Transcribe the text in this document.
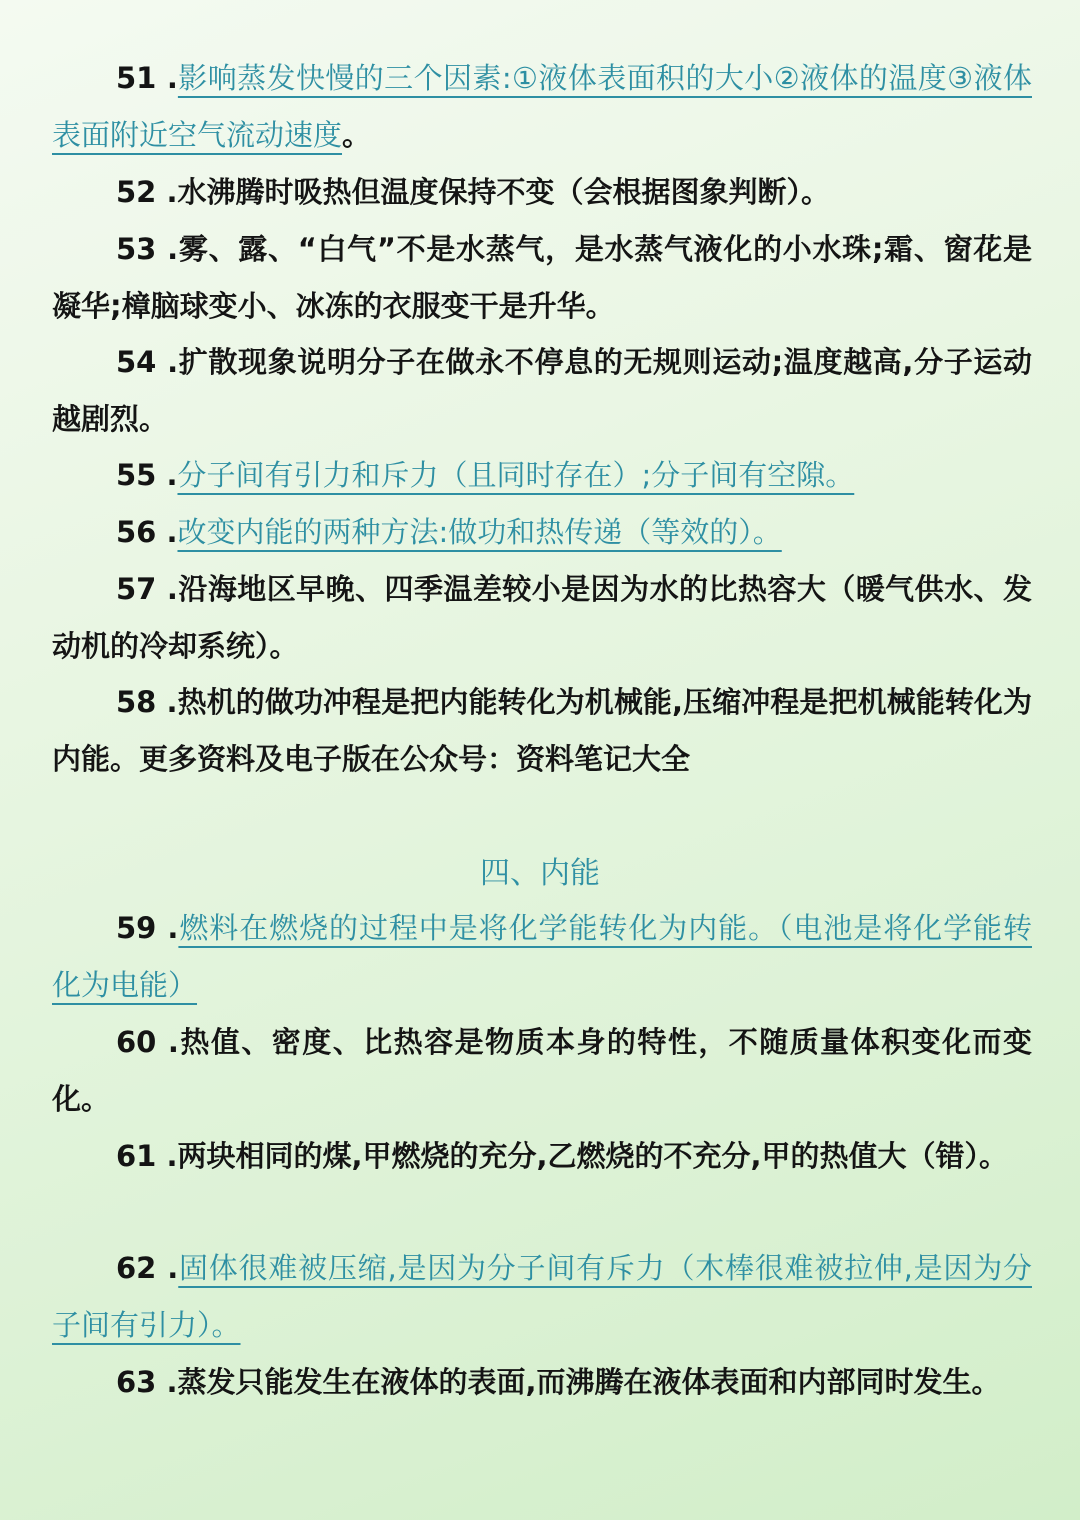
51 .影响蒸发快慢的三个因素:①液体表面积的大小②液体的温度③液体表面附近空气流动速度。

52 .水沸腾时吸热但温度保持不变（会根据图象判断）。

53 .雾、露、“白气”不是水蒸气，是水蒸气液化的小水珠;霜、窗花是凝华;樟脑球变小、冰冻的衣服变干是升华。

54 .扩散现象说明分子在做永不停息的无规则运动;温度越高,分子运动越剧烈。

55 .分子间有引力和斥力（且同时存在）;分子间有空隙。

56 .改变内能的两种方法:做功和热传递（等效的）。

57 .沿海地区早晚、四季温差较小是因为水的比热容大（暖气供水、发动机的冷却系统）。

58 .热机的做功冲程是把内能转化为机械能,压缩冲程是把机械能转化为内能。更多资料及电子版在公众号：资料笔记大全

四、内能

59 .燃料在燃烧的过程中是将化学能转化为内能。（电池是将化学能转化为电能）

60 .热值、密度、比热容是物质本身的特性，不随质量体积变化而变化。

61 .两块相同的煤,甲燃烧的充分,乙燃烧的不充分,甲的热值大（错）。

62 .固体很难被压缩,是因为分子间有斥力（木棒很难被拉伸,是因为分子间有引力）。

63 .蒸发只能发生在液体的表面,而沸腾在液体表面和内部同时发生。
